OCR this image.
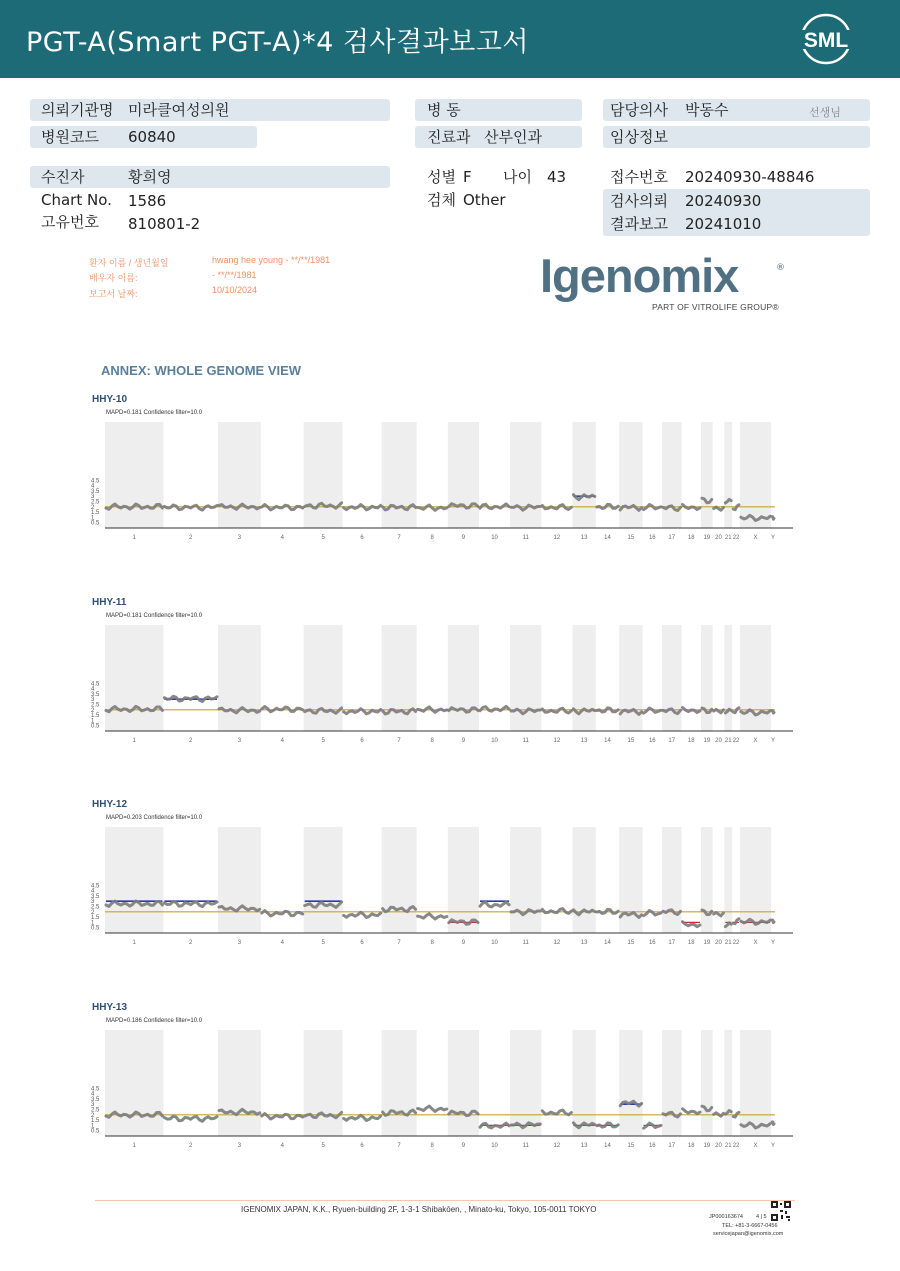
PGT-A(Smart PGT-A)*4 검사결과보고서	SML
의뢰기관명 미라클여성의원
병원코드 60840
병 동
진료과 산부인과
담당의사 박동수	선생님
임상정보
수진자	황희영
Chart No. 1586
고유번호 810801-2
성별 F 나이 43
검체 Other
접수번호 20240930-48846
검사의뢰 20240930
결과보고 20241010
환자 이름 / 생년월일	hwang hee young - **/**/1981
배우자 이름:	- **/**/1981
보고서 날짜:	10/10/2024	Igenomix	®
PART OF VITROLIFE GROUP®
ANNEX: WHOLE GENOME VIEW
HHY-10
MAPD=0.181 Confidence filter=10.0
4.5
4
3.5
3
2.5
2
1.5
1
0.5
1	2	3	4	5	6	7	8	9	10	11	12	13	14	15 16 17 18 19 20 21 22 X Y
HHY-11
MAPD=0.181 Confidence filter=10.0
4.5
4
3.5
3
2.5
2
1.5
1
0.5
1	2	3	4	5	6	7	8	9	10	11	12	13	14	15 16 17 18 19 20 21 22 X Y
HHY-12
MAPD=0.203 Confidence filter=10.0
4.5
4
3.5
3
2.5
2
1.5
1
0.5
1	2	3	4	5	6	7	8	9	10	11	12	13	14	15 16 17 18 19 20 21 22 X Y
HHY-13
MAPD=0.186 Confidence filter=10.0
4.5
4
3.5
3
2.5
2
1.5
1
0.5
1	2	3	4	5	6	7	8	9	10	11	12	13	14	15 16 17 18 19 20 21 22 X Y
IGENOMIX JAPAN, K.K., Ryuen-building 2F, 1-3-1 Shibakōen, , Minato-ku, Tokyo, 105-0011 TOKYO
JP000163674 4 | 5
TEL: +81-3-6667-0456
servicejapan@igenomix.com
